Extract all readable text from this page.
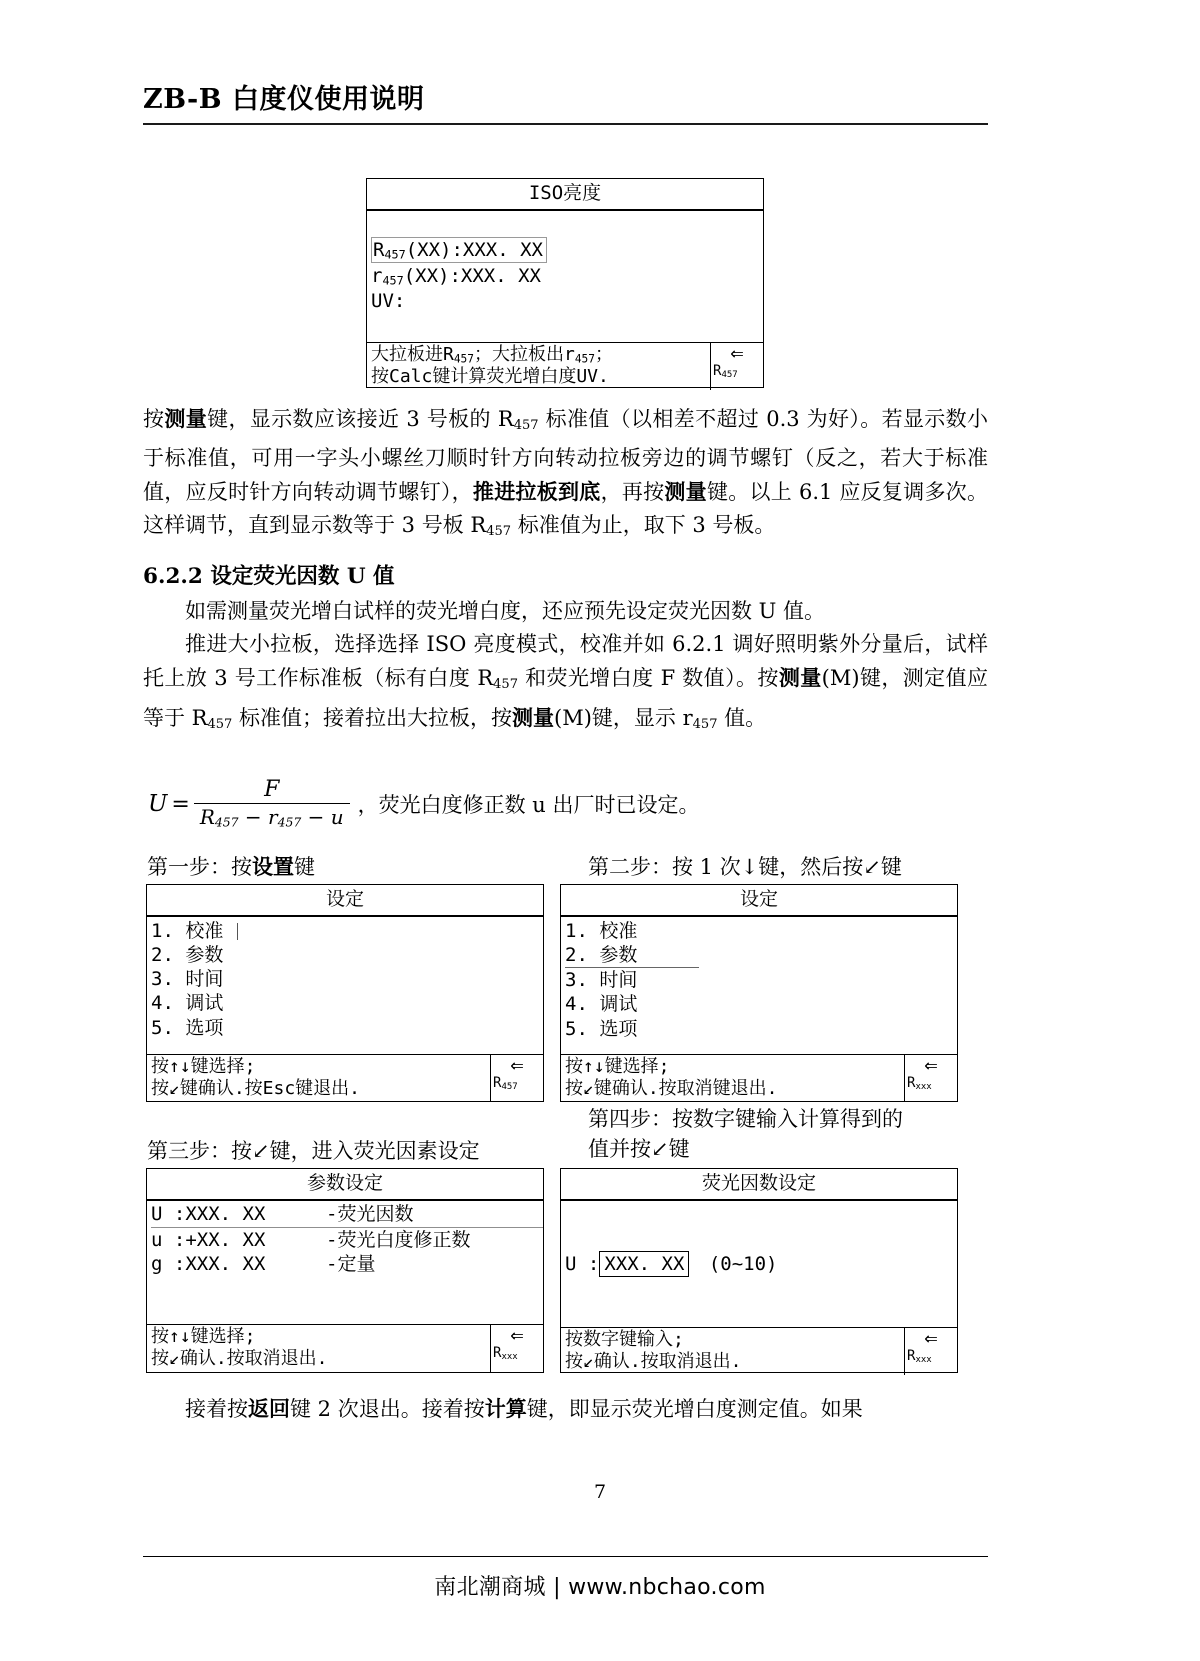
ZB-B 白度仪使用说明
ISO亮度
$R_{457}(XX):XXX$. XX
$r_{457}(XX):XXX$. XX
UV:
大拉板进$R_{457}$；大拉板出$r_{457}$；
按Calc键计算荧光增白度UV.
⇐
$R_{457}$
按测量键，显示数应该接近 3 号板的 $R_{457}$ 标准值（以相差不超过 0.3 为好）。若显示数小于标准值，可用一字头小螺丝刀顺时针方向转动拉板旁边的调节螺钉（反之，若大于标准值，应反时针方向转动调节螺钉），推进拉板到底，再按测量键。以上 6.1 应反复调多次。这样调节，直到显示数等于 3 号板 $R_{457}$ 标准值为止，取下 3 号板。
6.2.2 设定荧光因数 U 值
如需测量荧光增白试样的荧光增白度，还应预先设定荧光因数 U 值。
推进大小拉板，选择选择 ISO 亮度模式，校准并如 6.2.1 调好照明紫外分量后，试样托上放 3 号工作标准板（标有白度 $R_{457}$ 和荧光增白度 F 数值）。按测量(M)键，测定值应等于 $R_{457}$ 标准值；接着拉出大拉板，按测量(M)键，显示 $r_{457}$ 值。
$U = \frac{F}{R_{457} - r_{457} - u}$ ，荧光白度修正数 u 出厂时已设定。
第一步：按设置键	第二步：按 1 次↓键，然后按↙键
设定
1. 校准
2. 参数
3. 时间
4. 调试
5. 选项
按↑↓键选择;
按↙键确认.按Esc键退出.
⇐
$R_{457}$
设定
1. 校准
2. 参数
3. 时间
4. 调试
5. 选项
按↑↓键选择;
按↙键确认.按取消键退出.
⇐
$R_{xxx}$
第四步：按数字键输入计算得到的
值并按↙键
第三步：按↙键，进入荧光因素设定
参数设定
U :XXX. XX	-荧光因数
u :+XX. XX	-荧光白度修正数
g :XXX. XX	-定量
按↑↓键选择;
按↙确认.按取消退出.
⇐
$R_{xxx}$
荧光因数设定
U : XXX. XX (0~10)
按数字键输入;
按↙确认.按取消退出.
⇐
$R_{xxx}$
接着按返回键 2 次退出。接着按计算键，即显示荧光增白度测定值。如果
7
南北潮商城 | www.nbchao.com
